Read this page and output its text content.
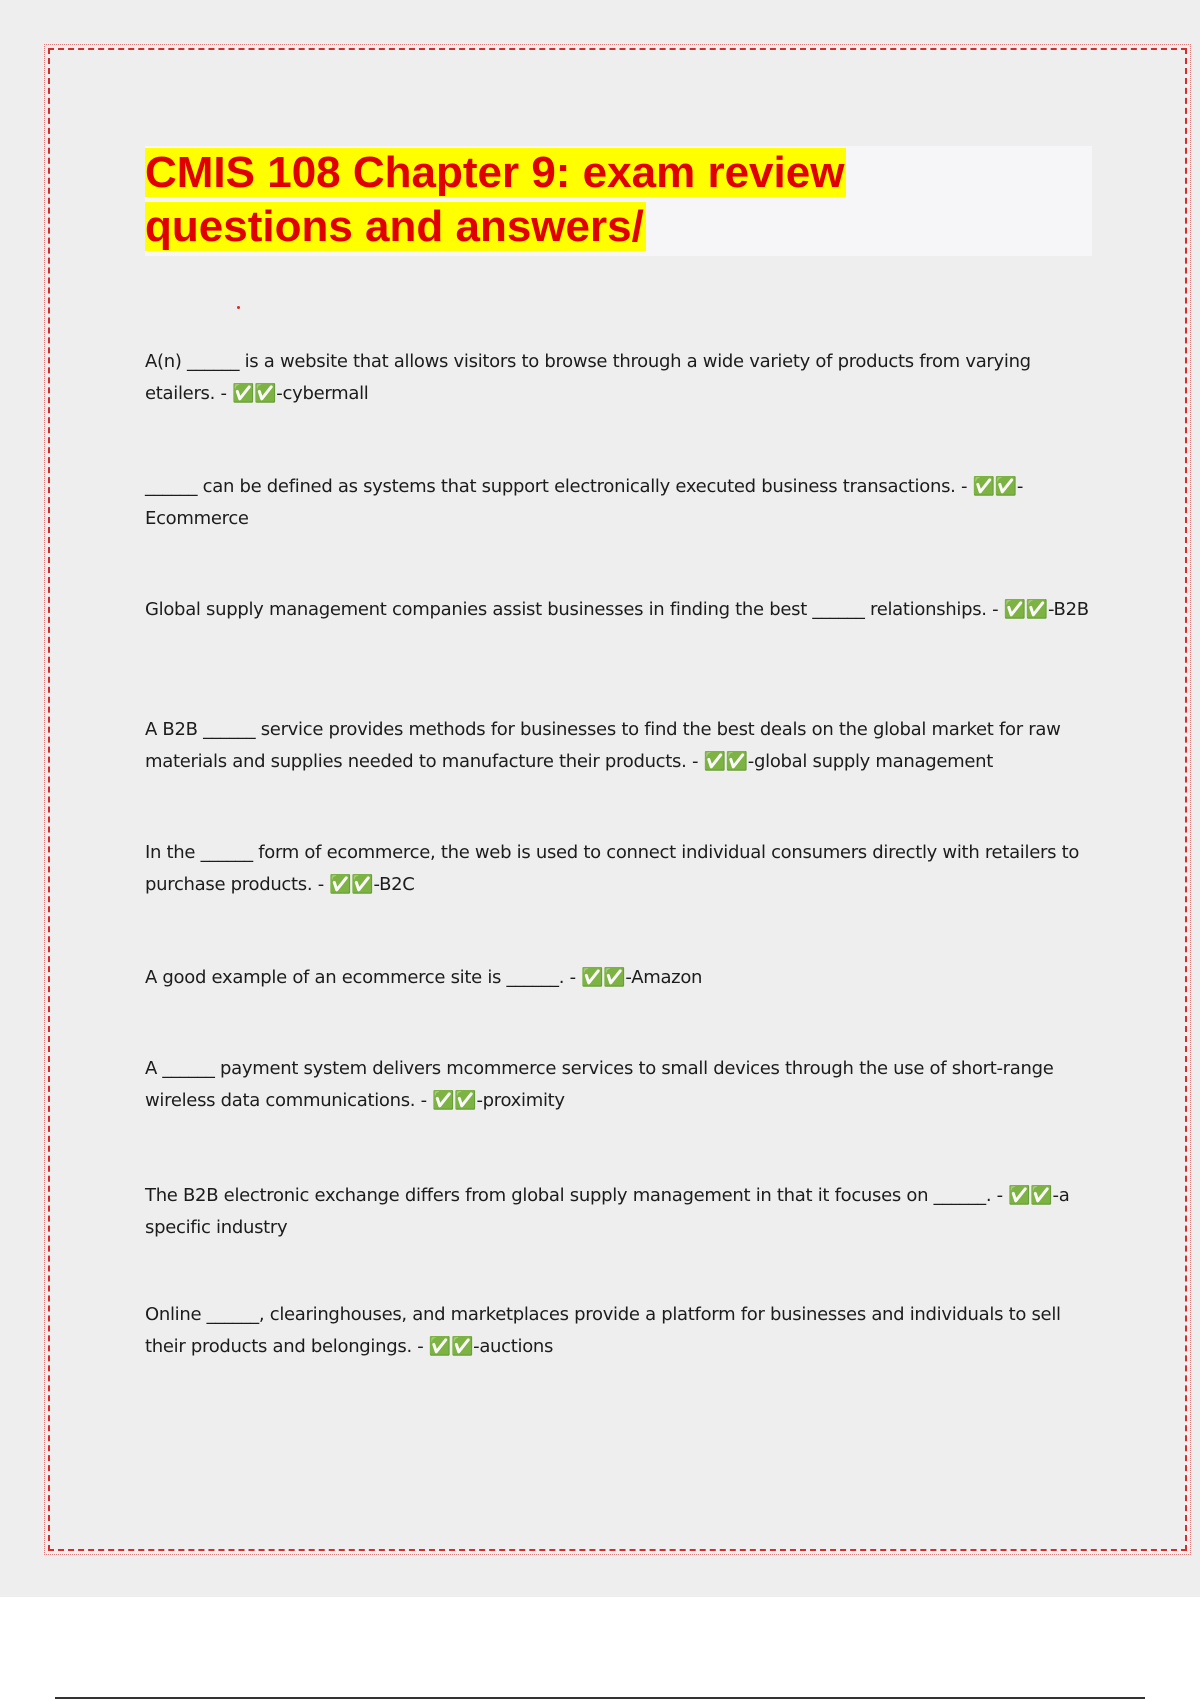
CMIS 108 Chapter 9: exam review
questions and answers/
A(n) ______ is a website that allows visitors to browse through a wide variety of products from varying etailers. - ✅✅-cybermall
______ can be defined as systems that support electronically executed business transactions. - ✅✅-Ecommerce
Global supply management companies assist businesses in finding the best ______ relationships. - ✅✅-B2B
A B2B ______ service provides methods for businesses to find the best deals on the global market for raw materials and supplies needed to manufacture their products. - ✅✅-global supply management
In the ______ form of ecommerce, the web is used to connect individual consumers directly with retailers to purchase products. - ✅✅-B2C
A good example of an ecommerce site is ______. - ✅✅-Amazon
A ______ payment system delivers mcommerce services to small devices through the use of short-range wireless data communications. - ✅✅-proximity
The B2B electronic exchange differs from global supply management in that it focuses on ______. - ✅✅-a specific industry
Online ______, clearinghouses, and marketplaces provide a platform for businesses and individuals to sell their products and belongings. - ✅✅-auctions
